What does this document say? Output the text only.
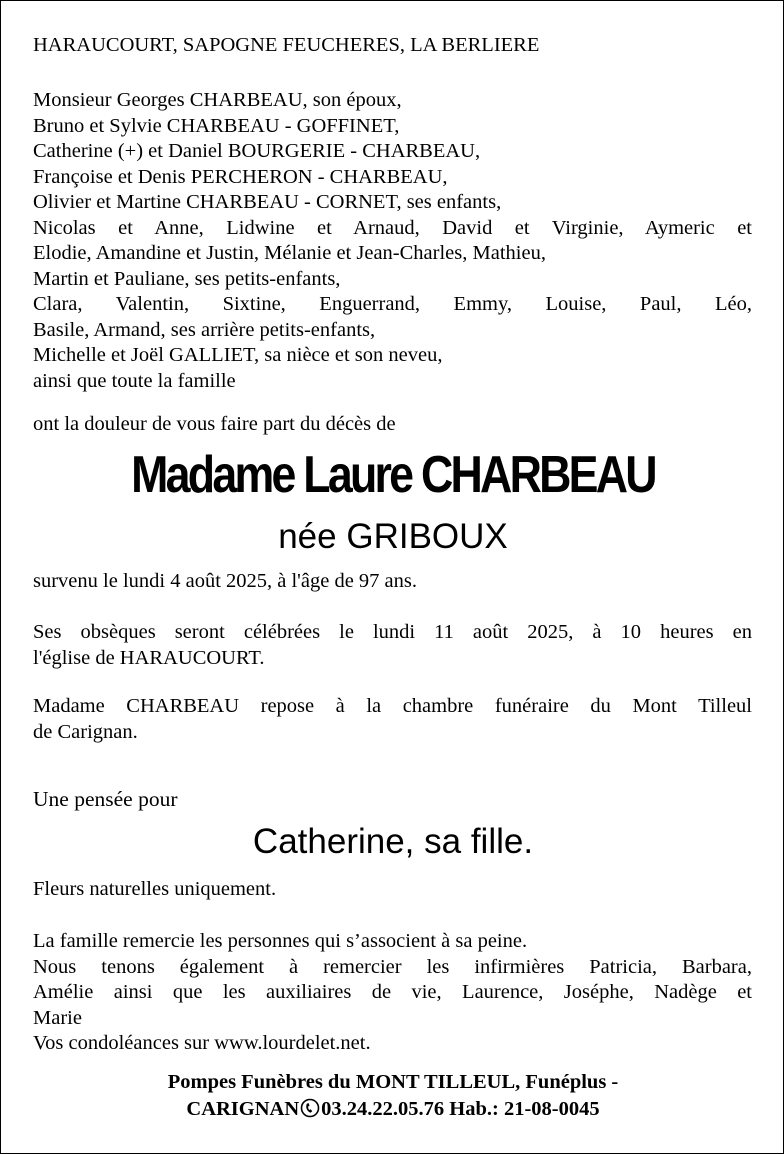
HARAUCOURT, SAPOGNE FEUCHERES, LA BERLIERE

Monsieur Georges CHARBEAU, son époux,

Bruno et Sylvie CHARBEAU - GOFFINET,

Catherine (+) et Daniel BOURGERIE - CHARBEAU,

Françoise et Denis PERCHERON - CHARBEAU,

Olivier et Martine CHARBEAU - CORNET, ses enfants,

Nicolas et Anne, Lidwine et Arnaud, David et Virginie, Aymeric et

Elodie, Amandine et Justin, Mélanie et Jean-Charles, Mathieu,

Martin et Pauliane, ses petits-enfants,

Clara, Valentin, Sixtine, Enguerrand, Emmy, Louise, Paul, Léo,

Basile, Armand, ses arrière petits-enfants,

Michelle et Joël GALLIET, sa nièce et son neveu,

ainsi que toute la famille

ont la douleur de vous faire part du décès de

Madame Laure CHARBEAU
née GRIBOUX

survenu le lundi 4 août 2025, à l'âge de 97 ans.

Ses obsèques seront célébrées le lundi 11 août 2025, à 10 heures en

l'église de HARAUCOURT.

Madame CHARBEAU repose à la chambre funéraire du Mont Tilleul

de Carignan.

Une pensée pour

Catherine, sa fille.

Fleurs naturelles uniquement.

La famille remercie les personnes qui s’associent à sa peine.

Nous tenons également à remercier les infirmières Patricia, Barbara,

Amélie ainsi que les auxiliaires de vie, Laurence, Joséphe, Nadège et

Marie

Vos condoléances sur www.lourdelet.net.

Pompes Funèbres du MONT TILLEUL, Funéplus -
CARIGNAN 03.24.22.05.76 Hab.: 21-08-0045
